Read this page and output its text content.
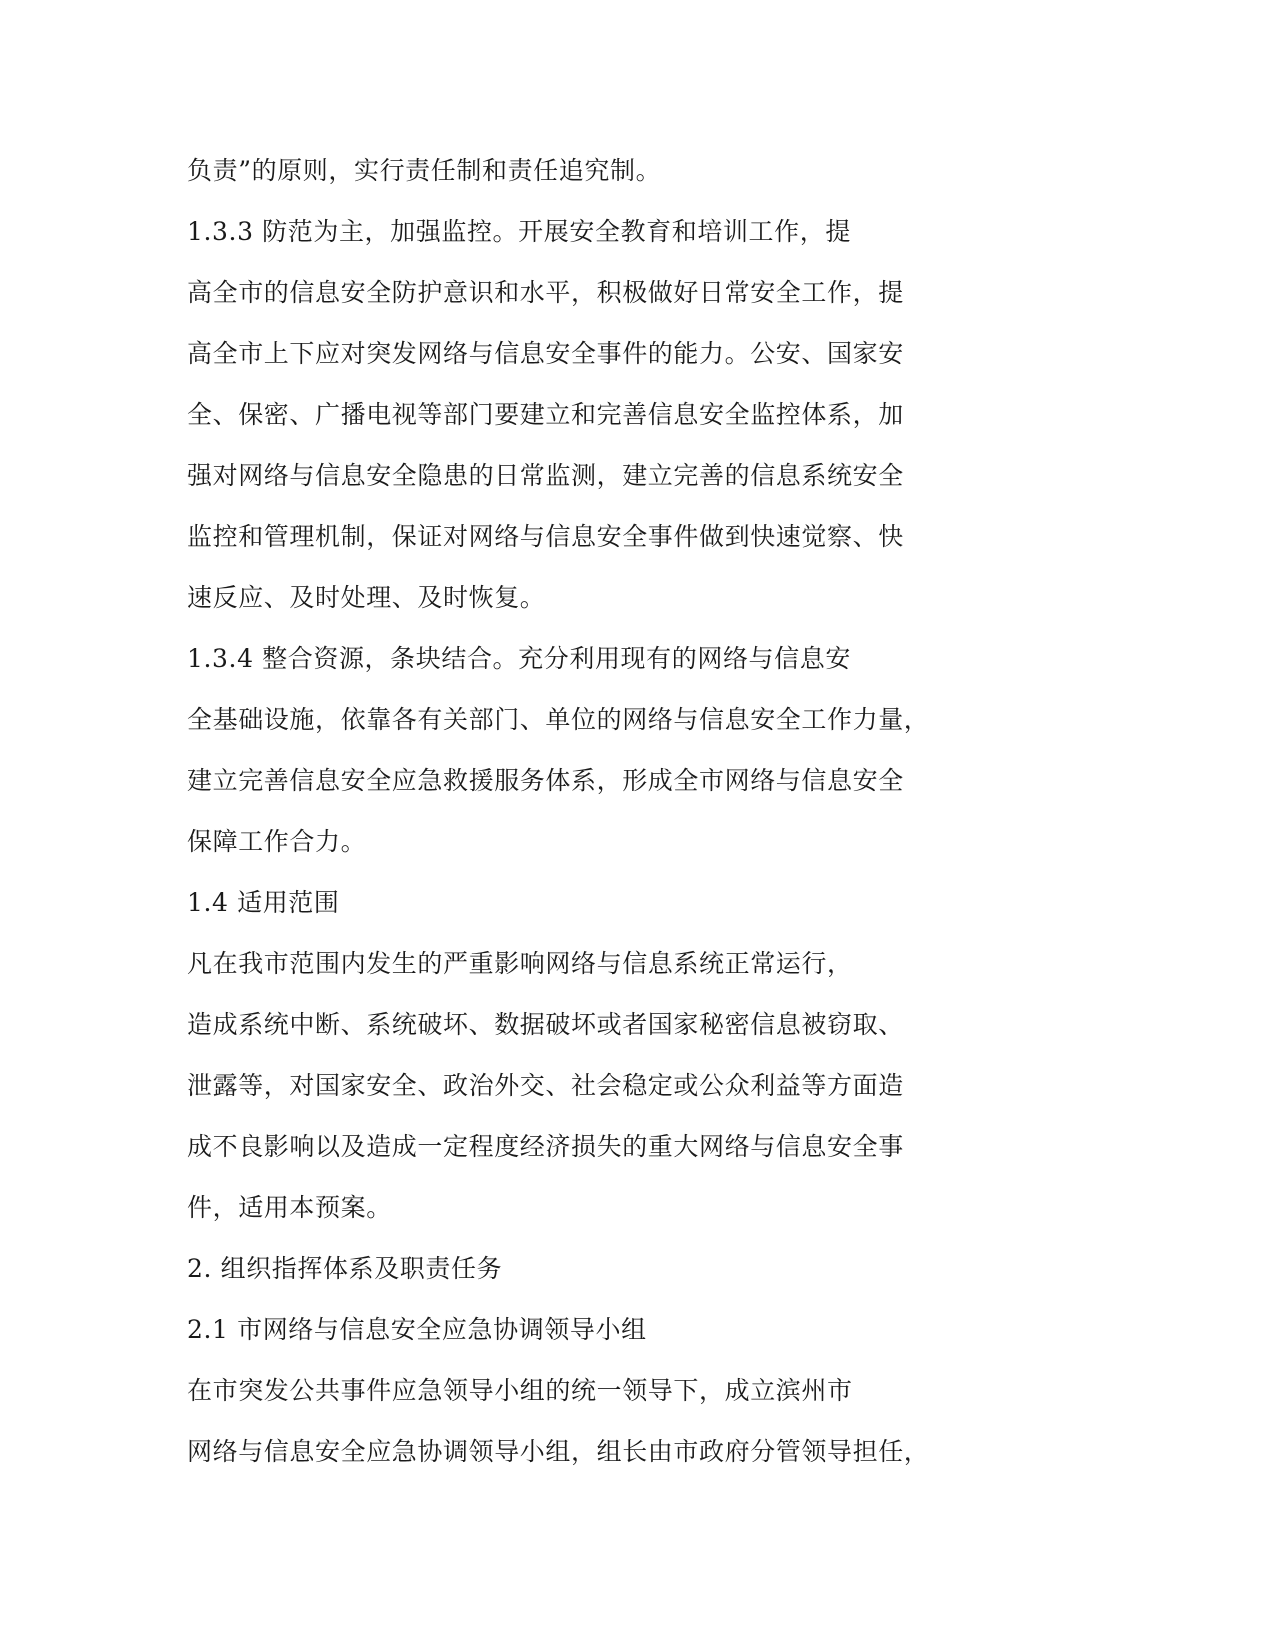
负责”的原则，实行责任制和责任追究制。
1.3.3 防范为主，加强监控。开展安全教育和培训工作，提
高全市的信息安全防护意识和水平，积极做好日常安全工作，提
高全市上下应对突发网络与信息安全事件的能力。公安、国家安
全、保密、广播电视等部门要建立和完善信息安全监控体系，加
强对网络与信息安全隐患的日常监测，建立完善的信息系统安全
监控和管理机制，保证对网络与信息安全事件做到快速觉察、快
速反应、及时处理、及时恢复。
1.3.4 整合资源，条块结合。充分利用现有的网络与信息安
全基础设施，依靠各有关部门、单位的网络与信息安全工作力量，
建立完善信息安全应急救援服务体系，形成全市网络与信息安全
保障工作合力。
1.4 适用范围
凡在我市范围内发生的严重影响网络与信息系统正常运行，
造成系统中断、系统破坏、数据破坏或者国家秘密信息被窃取、
泄露等，对国家安全、政治外交、社会稳定或公众利益等方面造
成不良影响以及造成一定程度经济损失的重大网络与信息安全事
件，适用本预案。
2. 组织指挥体系及职责任务
2.1 市网络与信息安全应急协调领导小组
在市突发公共事件应急领导小组的统一领导下，成立滨州市
网络与信息安全应急协调领导小组，组长由市政府分管领导担任，
